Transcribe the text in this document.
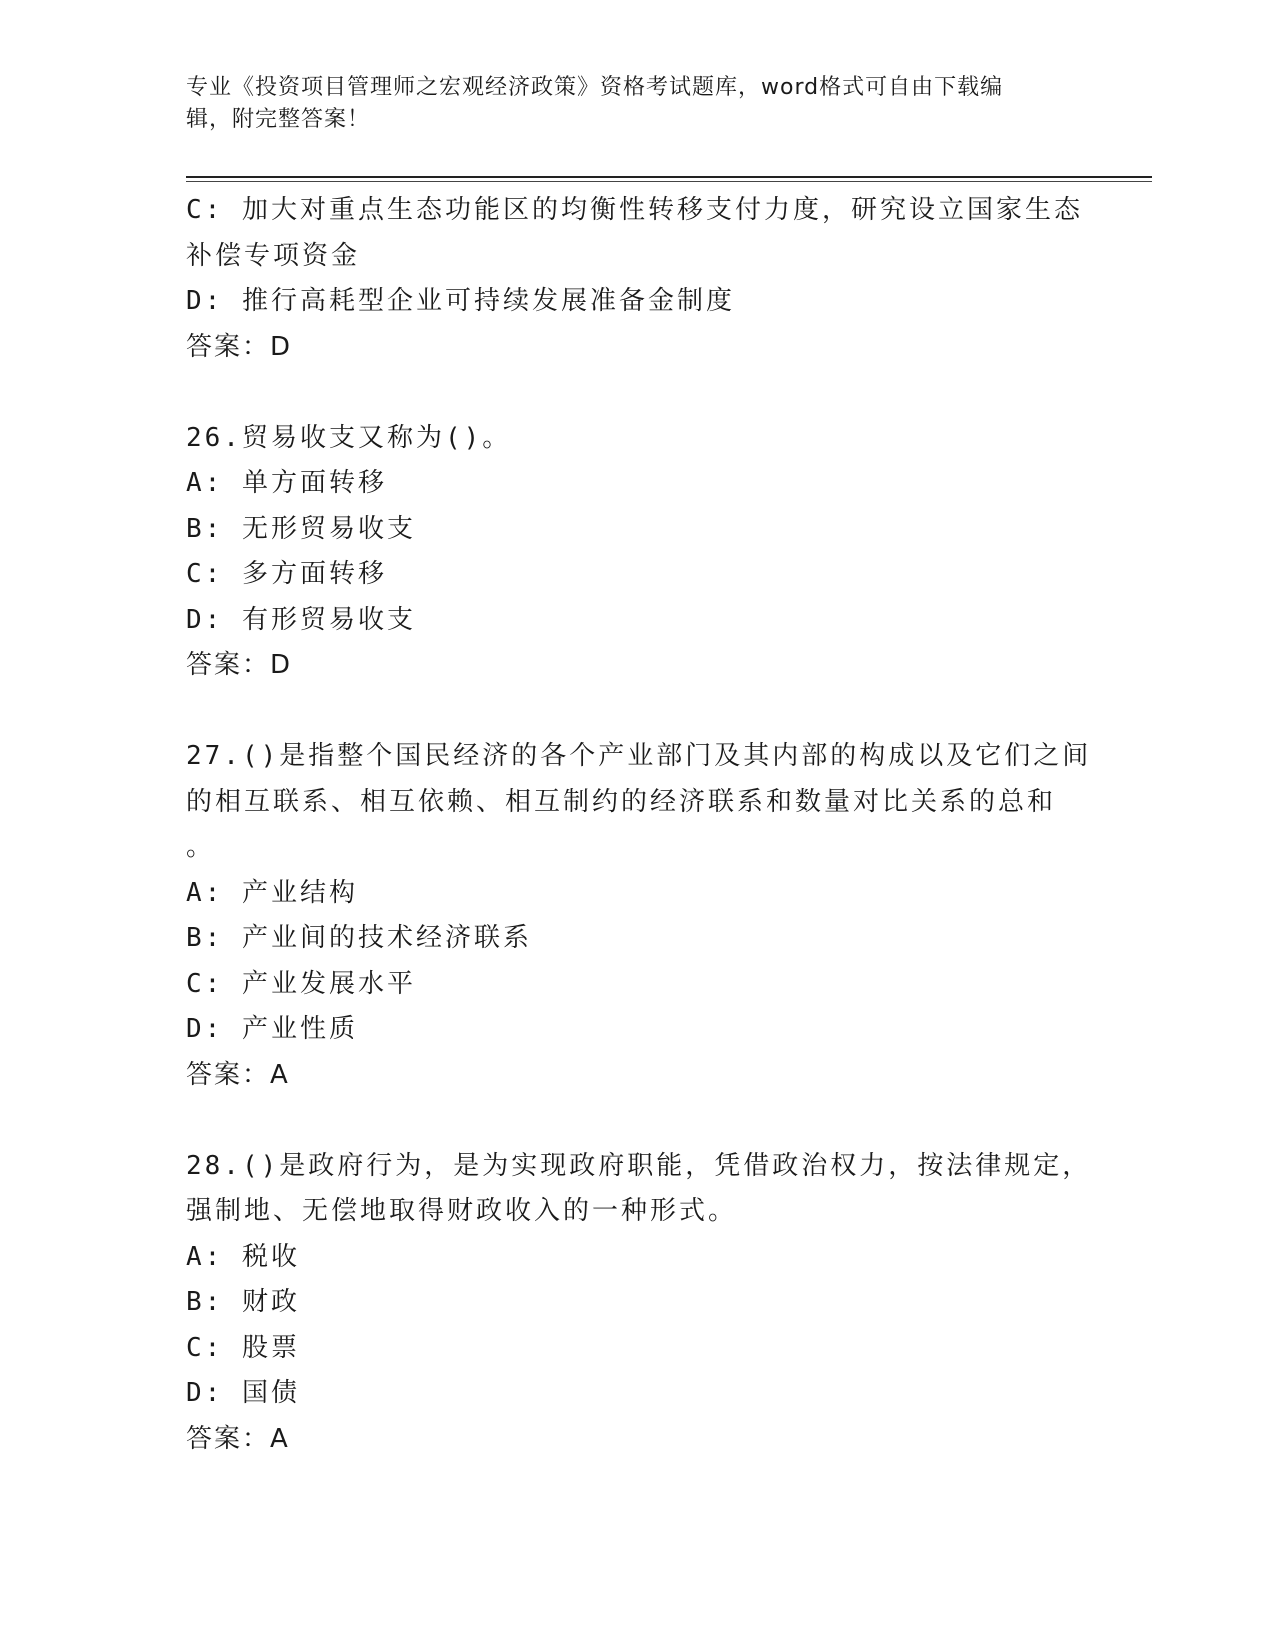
专业《投资项目管理师之宏观经济政策》资格考试题库，word格式可自由下载编
辑，附完整答案！
C: 加大对重点生态功能区的均衡性转移支付力度，研究设立国家生态
补偿专项资金
D: 推行高耗型企业可持续发展准备金制度
答案：D
26.贸易收支又称为()。
A: 单方面转移
B: 无形贸易收支
C: 多方面转移
D: 有形贸易收支
答案：D
27.()是指整个国民经济的各个产业部门及其内部的构成以及它们之间
的相互联系、相互依赖、相互制约的经济联系和数量对比关系的总和
。
A: 产业结构
B: 产业间的技术经济联系
C: 产业发展水平
D: 产业性质
答案：A
28.()是政府行为，是为实现政府职能，凭借政治权力，按法律规定，
强制地、无偿地取得财政收入的一种形式。
A: 税收
B: 财政
C: 股票
D: 国债
答案：A
